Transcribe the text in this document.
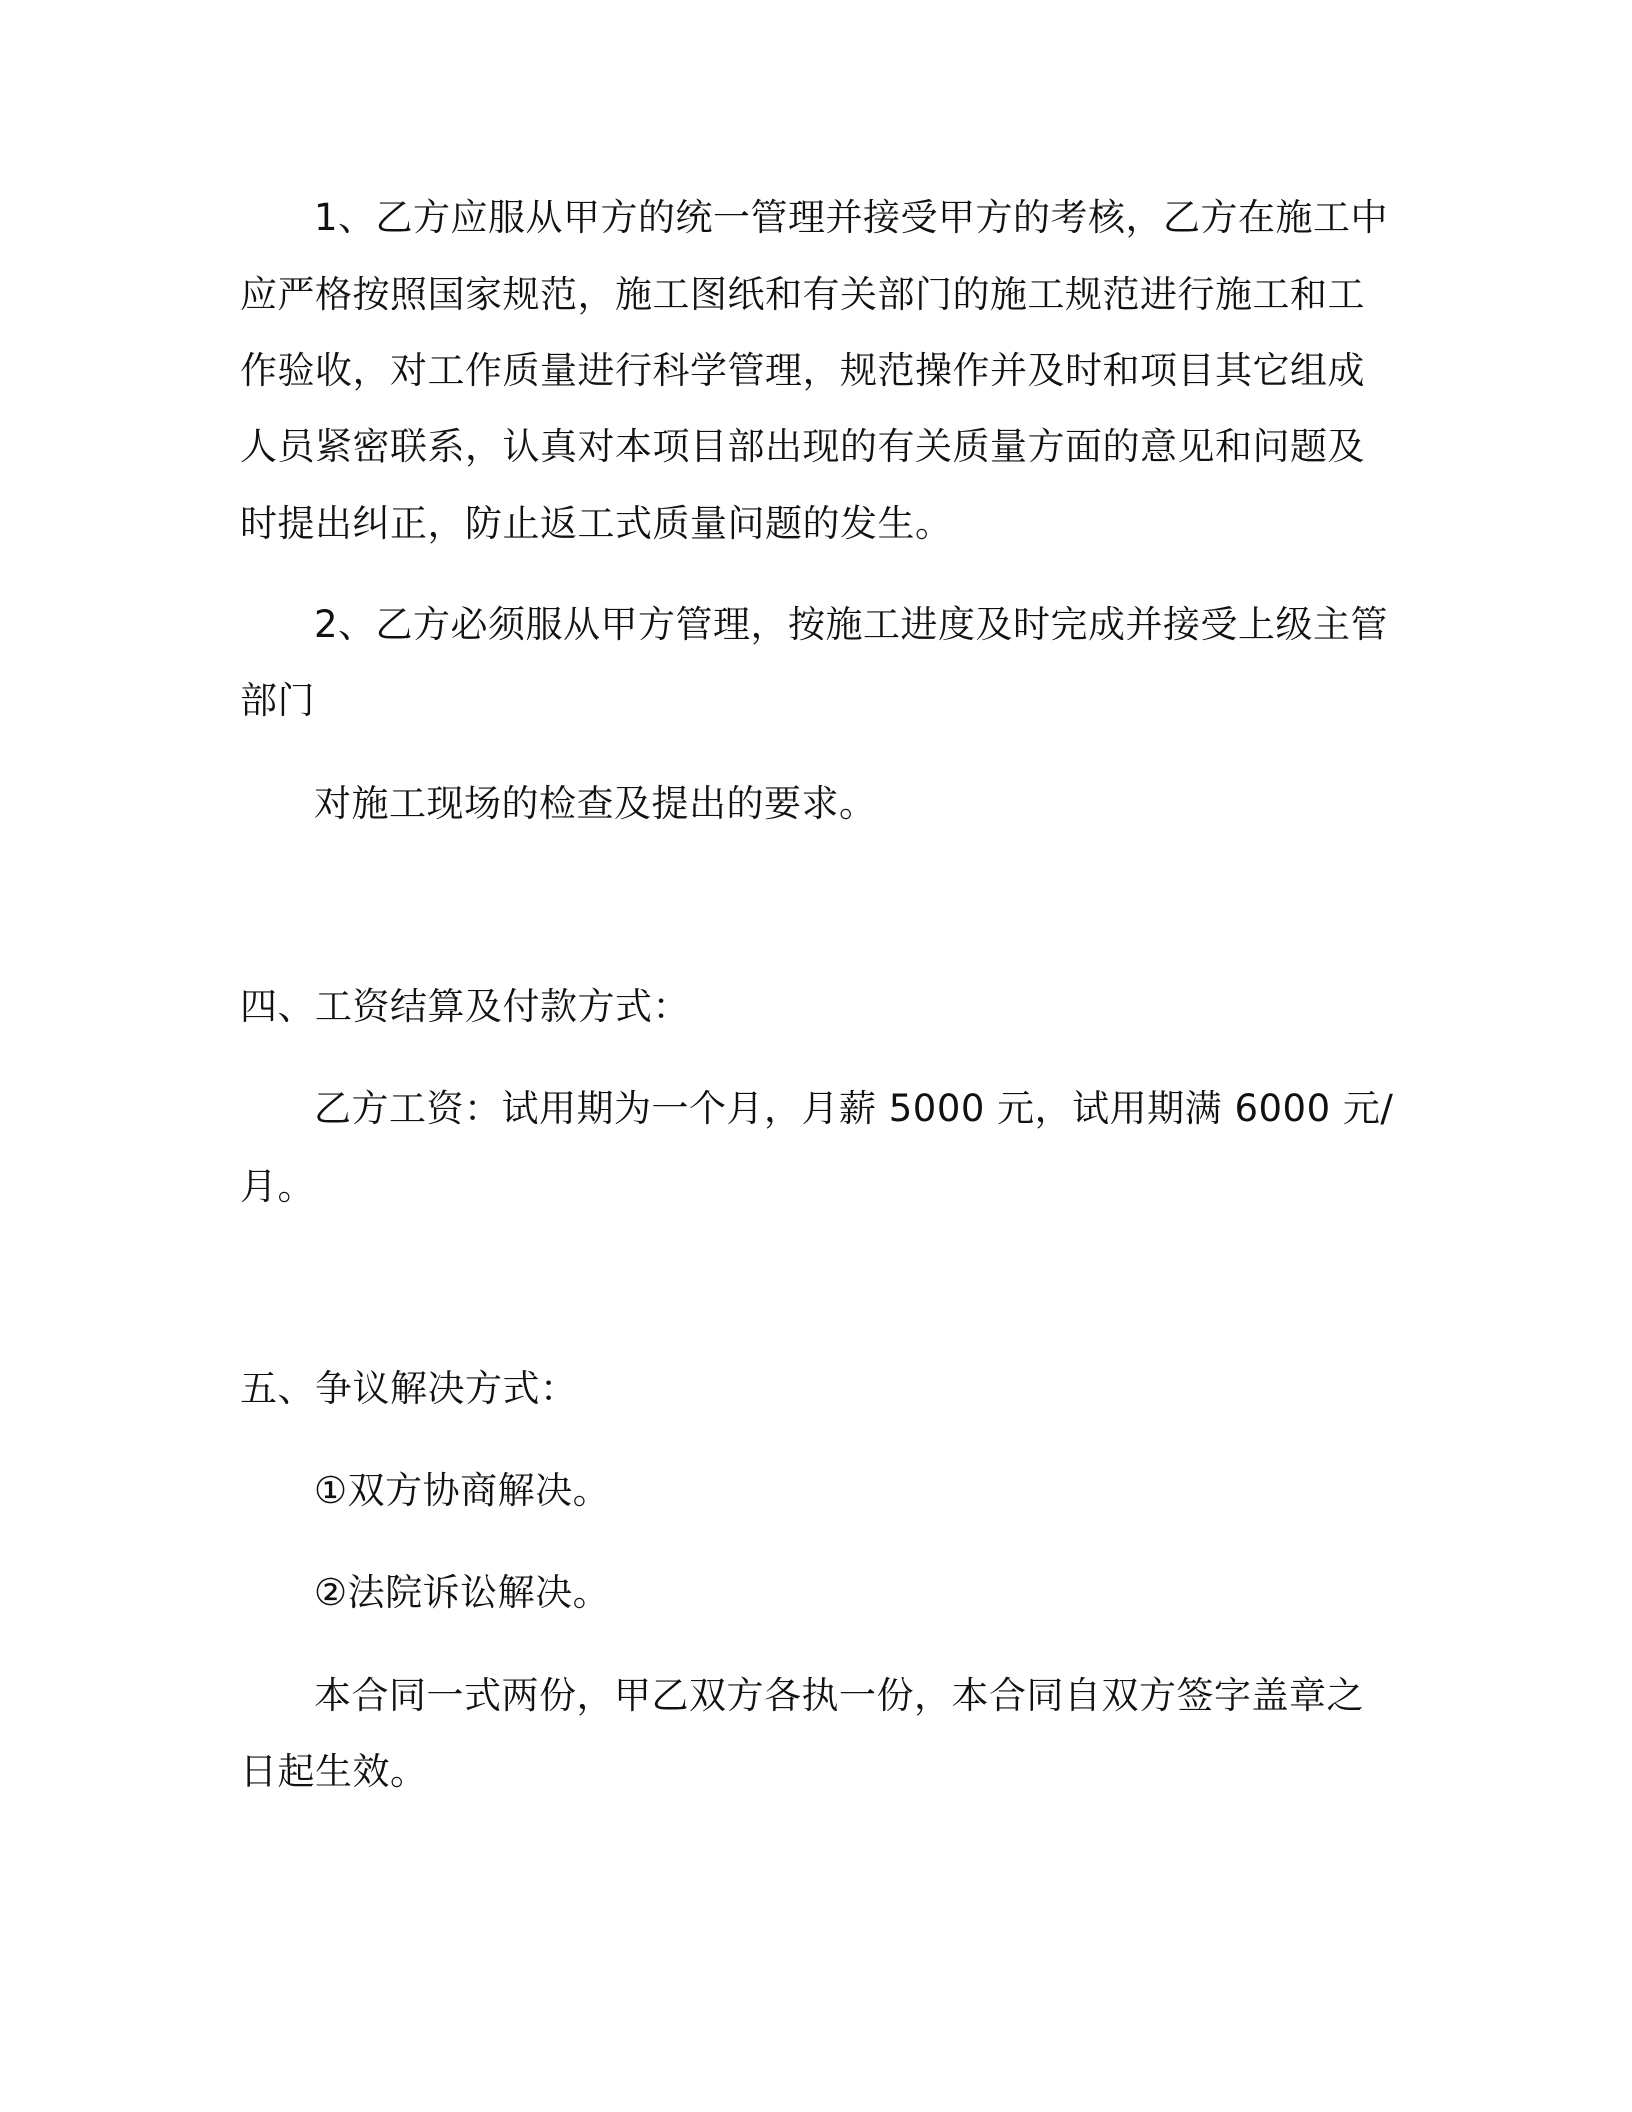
1、乙方应服从甲方的统一管理并接受甲方的考核，乙方在施工中
应严格按照国家规范，施工图纸和有关部门的施工规范进行施工和工
作验收，对工作质量进行科学管理，规范操作并及时和项目其它组成
人员紧密联系，认真对本项目部出现的有关质量方面的意见和问题及
时提出纠正，防止返工式质量问题的发生。
2、乙方必须服从甲方管理，按施工进度及时完成并接受上级主管
部门
对施工现场的检查及提出的要求。
四、工资结算及付款方式：
乙方工资：试用期为一个月，月薪 5000 元，试用期满 6000 元/
月。
五、争议解决方式：
①双方协商解决。
②法院诉讼解决。
本合同一式两份，甲乙双方各执一份，本合同自双方签字盖章之
日起生效。
